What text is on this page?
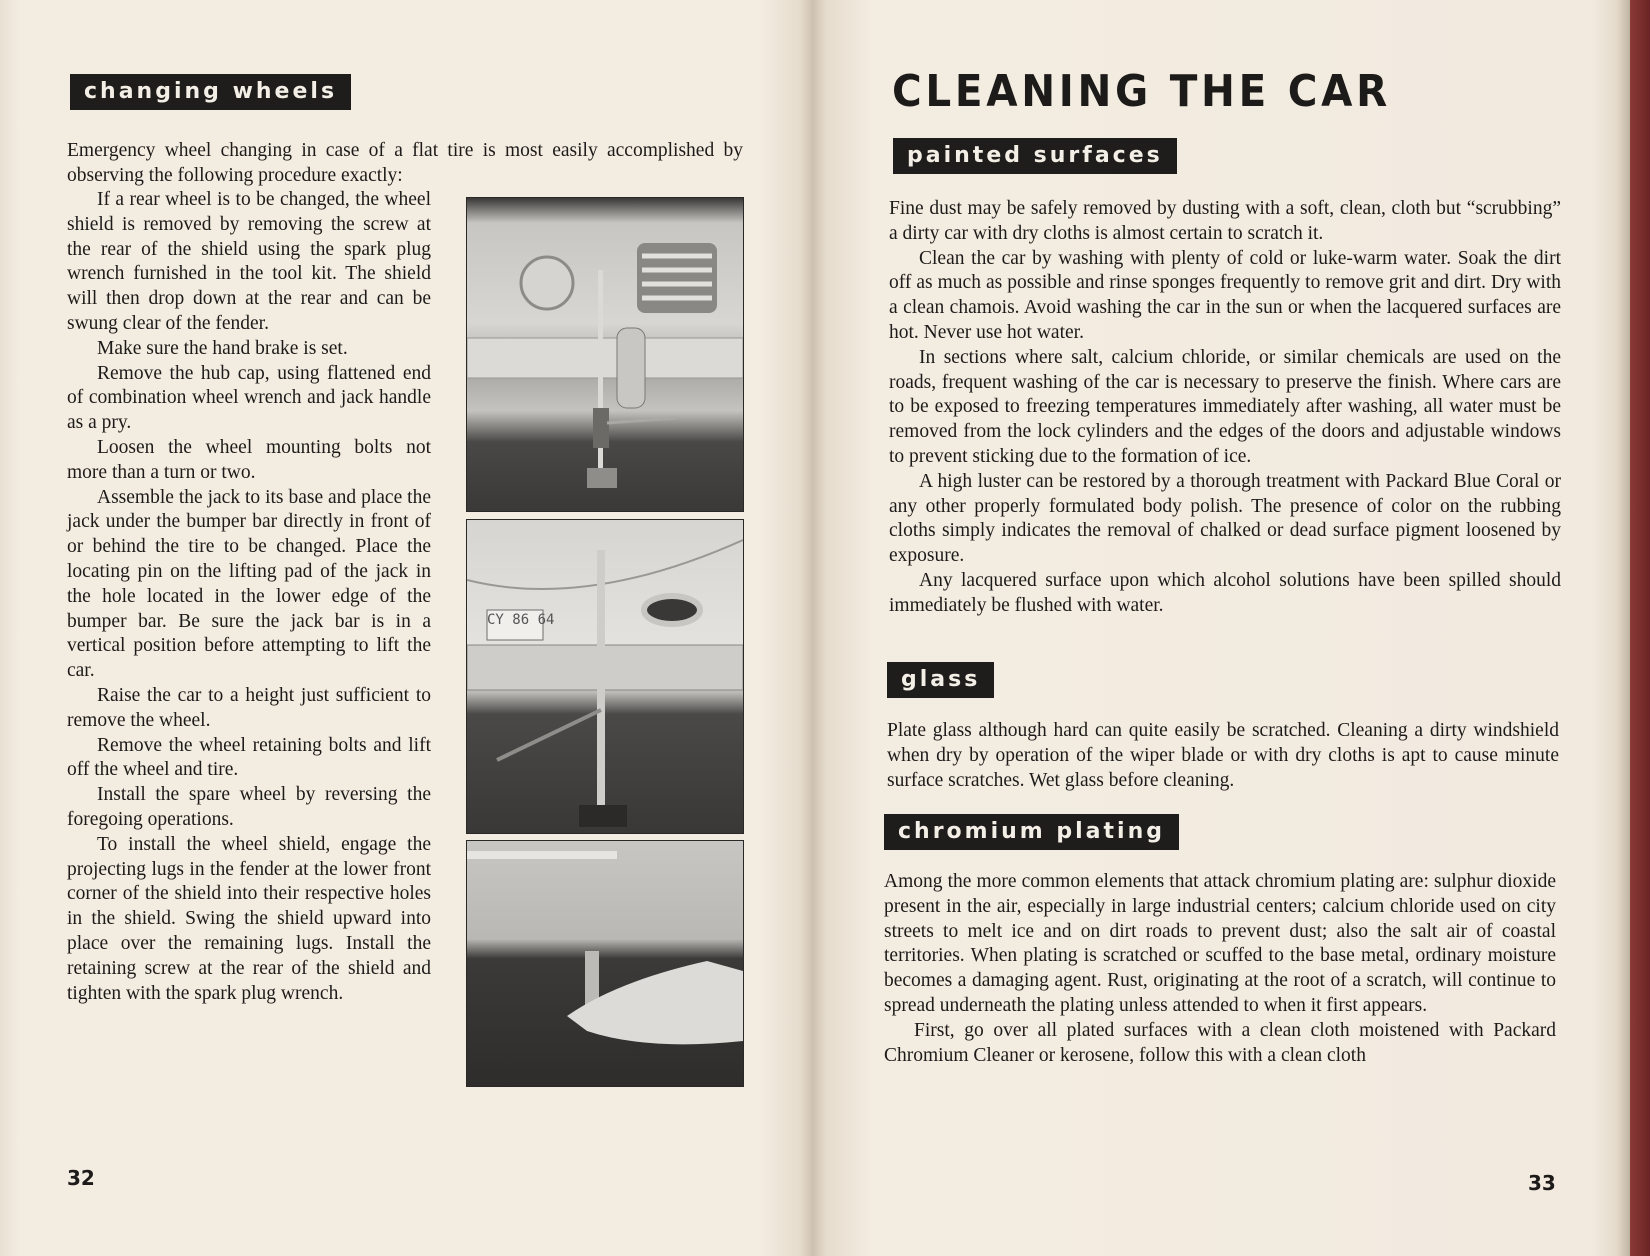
changing wheels

Emergency wheel changing in case of a flat tire is most easily accomplished by observing the following procedure exactly:

If a rear wheel is to be changed, the wheel shield is removed by removing the screw at the rear of the shield using the spark plug wrench furnished in the tool kit. The shield will then drop down at the rear and can be swung clear of the fender.

Make sure the hand brake is set.

Remove the hub cap, using flattened end of combination wheel wrench and jack handle as a pry.

Loosen the wheel mounting bolts not more than a turn or two.

Assemble the jack to its base and place the jack under the bumper bar directly in front of or behind the tire to be changed. Place the locating pin on the lifting pad of the jack in the hole located in the lower edge of the bumper bar. Be sure the jack bar is in a vertical position before attempting to lift the car.

Raise the car to a height just sufficient to remove the wheel.

Remove the wheel retaining bolts and lift off the wheel and tire.

Install the spare wheel by reversing the foregoing operations.

To install the wheel shield, engage the projecting lugs in the fender at the lower front corner of the shield into their respective holes in the shield. Swing the shield upward into place over the remaining lugs. Install the retaining screw at the rear of the shield and tighten with the spark plug wrench.

CY 86 64
32
CLEANING THE CAR
painted surfaces

Fine dust may be safely removed by dusting with a soft, clean, cloth but “scrubbing” a dirty car with dry cloths is almost certain to scratch it.

Clean the car by washing with plenty of cold or luke-warm water. Soak the dirt off as much as possible and rinse sponges frequently to remove grit and dirt. Dry with a clean chamois. Avoid washing the car in the sun or when the lacquered surfaces are hot. Never use hot water.

In sections where salt, calcium chloride, or similar chemicals are used on the roads, frequent washing of the car is necessary to preserve the finish. Where cars are to be exposed to freezing temperatures immediately after washing, all water must be removed from the lock cylinders and the edges of the doors and adjustable windows to prevent sticking due to the formation of ice.

A high luster can be restored by a thorough treatment with Packard Blue Coral or any other properly formulated body polish. The presence of color on the rubbing cloths simply indicates the removal of chalked or dead surface pigment loosened by exposure.

Any lacquered surface upon which alcohol solutions have been spilled should immediately be flushed with water.

glass

Plate glass although hard can quite easily be scratched. Cleaning a dirty windshield when dry by operation of the wiper blade or with dry cloths is apt to cause minute surface scratches. Wet glass before cleaning.

chromium plating

Among the more common elements that attack chromium plating are: sulphur dioxide present in the air, especially in large industrial centers; calcium chloride used on city streets to melt ice and on dirt roads to prevent dust; also the salt air of coastal territories. When plating is scratched or scuffed to the base metal, ordinary moisture becomes a damaging agent. Rust, originating at the root of a scratch, will continue to spread underneath the plating unless attended to when it first appears.

First, go over all plated surfaces with a clean cloth moistened with Packard Chromium Cleaner or kerosene, follow this with a clean cloth

33
